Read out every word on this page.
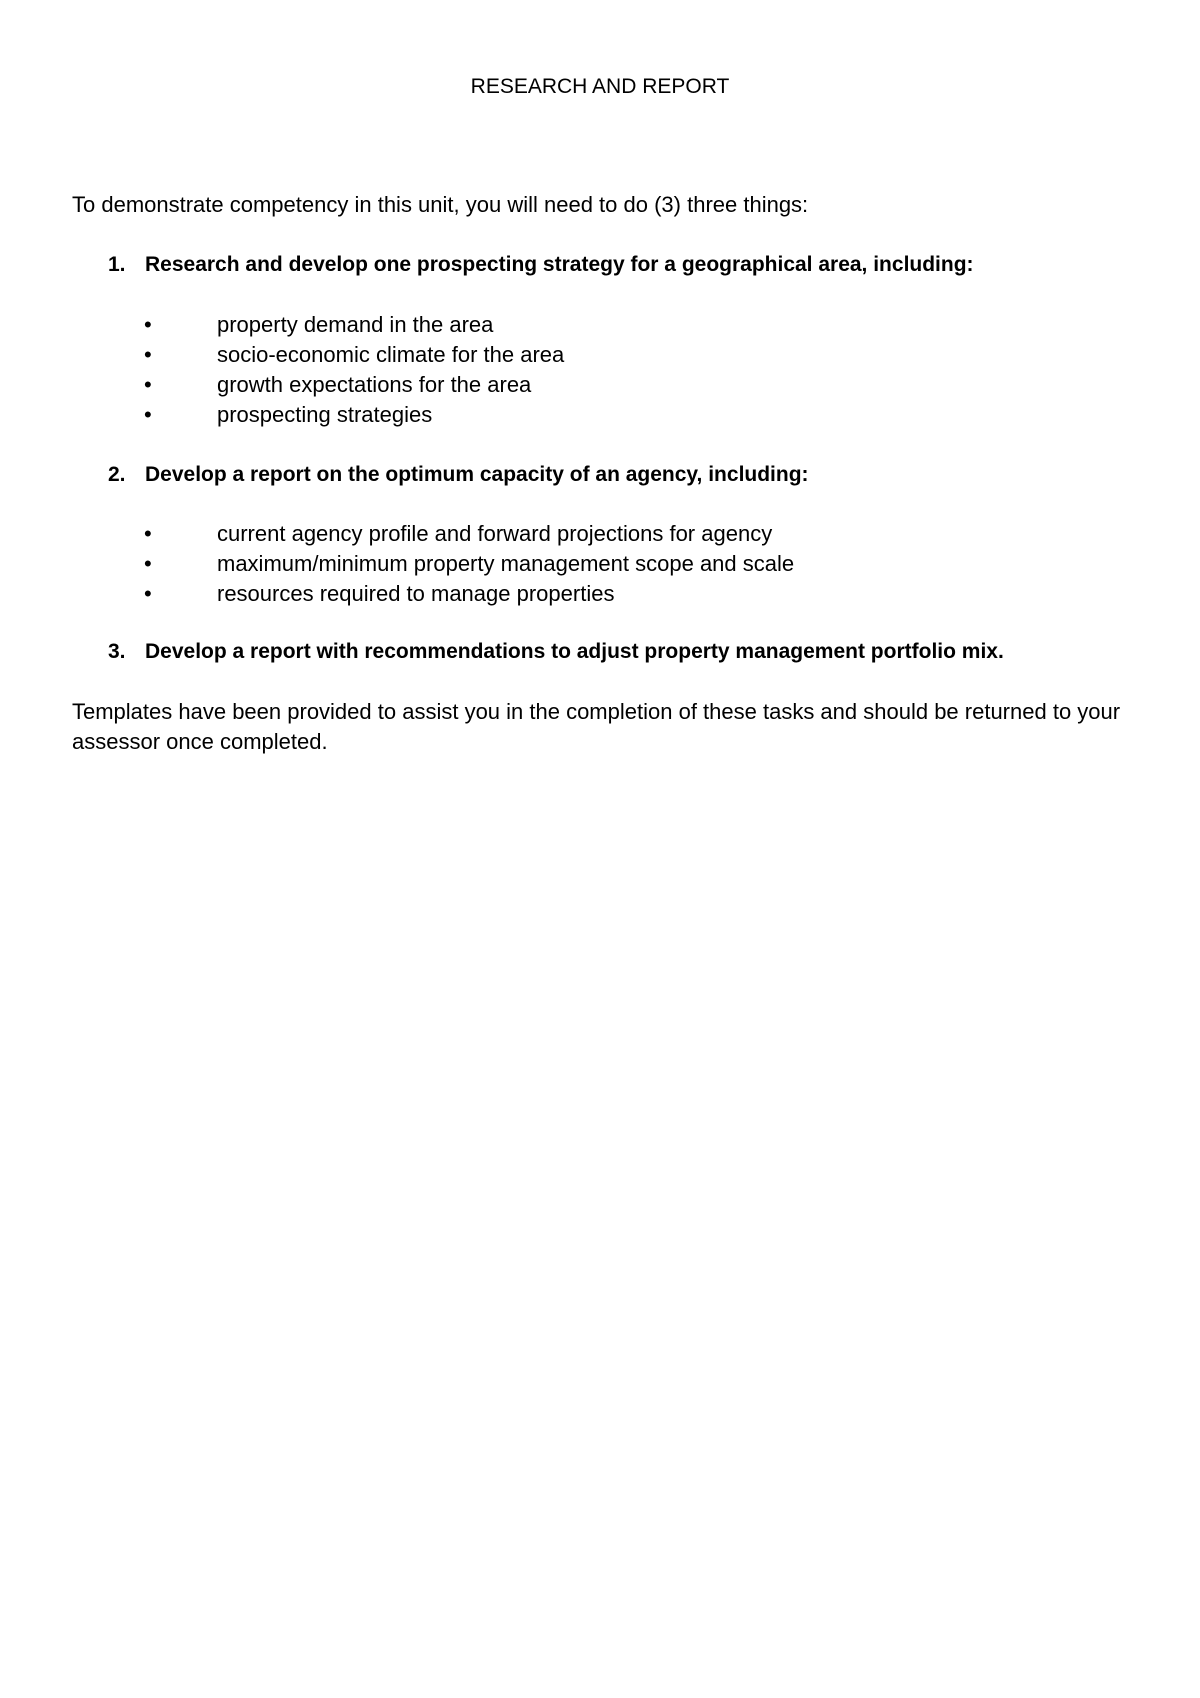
RESEARCH AND REPORT
To demonstrate competency in this unit, you will need to do (3) three things:
1. Research and develop one prospecting strategy for a geographical area, including:
•	property demand in the area
•	socio-economic climate for the area
•	growth expectations for the area
•	prospecting strategies
2. Develop a report on the optimum capacity of an agency, including:
•	current agency profile and forward projections for agency
•	maximum/minimum property management scope and scale
•	resources required to manage properties
3. Develop a report with recommendations to adjust property management portfolio mix.
Templates have been provided to assist you in the completion of these tasks and should be returned to your assessor once completed.
